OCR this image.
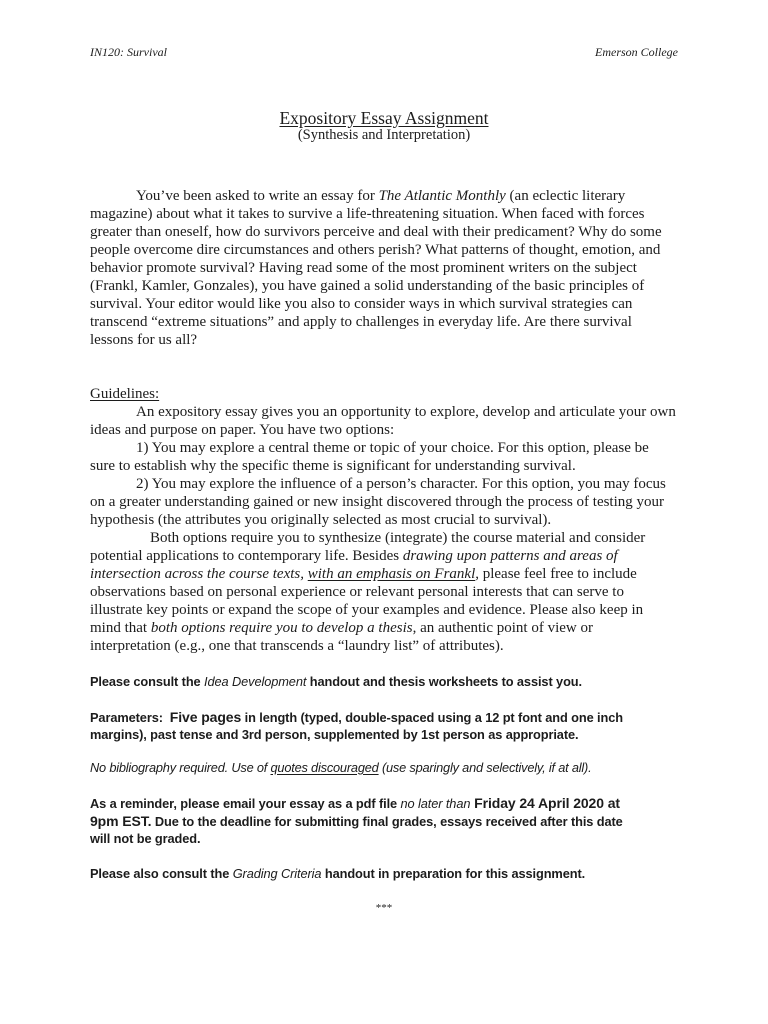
IN120: Survival	Emerson College
Expository Essay Assignment
(Synthesis and Interpretation)
You’ve been asked to write an essay for The Atlantic Monthly (an eclectic literary
magazine) about what it takes to survive a life-threatening situation. When faced with forces
greater than oneself, how do survivors perceive and deal with their predicament? Why do some
people overcome dire circumstances and others perish? What patterns of thought, emotion, and
behavior promote survival? Having read some of the most prominent writers on the subject
(Frankl, Kamler, Gonzales), you have gained a solid understanding of the basic principles of
survival. Your editor would like you also to consider ways in which survival strategies can
transcend “extreme situations” and apply to challenges in everyday life. Are there survival
lessons for us all?
Guidelines:
An expository essay gives you an opportunity to explore, develop and articulate your own
ideas and purpose on paper. You have two options:
1) You may explore a central theme or topic of your choice. For this option, please be
sure to establish why the specific theme is significant for understanding survival.
2) You may explore the influence of a person’s character. For this option, you may focus
on a greater understanding gained or new insight discovered through the process of testing your
hypothesis (the attributes you originally selected as most crucial to survival).
Both options require you to synthesize (integrate) the course material and consider
potential applications to contemporary life. Besides drawing upon patterns and areas of
intersection across the course texts, with an emphasis on Frankl, please feel free to include
observations based on personal experience or relevant personal interests that can serve to
illustrate key points or expand the scope of your examples and evidence. Please also keep in
mind that both options require you to develop a thesis, an authentic point of view or
interpretation (e.g., one that transcends a “laundry list” of attributes).
Please consult the Idea Development handout and thesis worksheets to assist you.
Parameters:  Five pages in length (typed, double-spaced using a 12 pt font and one inch
margins), past tense and 3rd person, supplemented by 1st person as appropriate.
No bibliography required. Use of quotes discouraged (use sparingly and selectively, if at all).
As a reminder, please email your essay as a pdf file no later than Friday 24 April 2020 at
9pm EST. Due to the deadline for submitting final grades, essays received after this date
will not be graded.
Please also consult the Grading Criteria handout in preparation for this assignment.
***
